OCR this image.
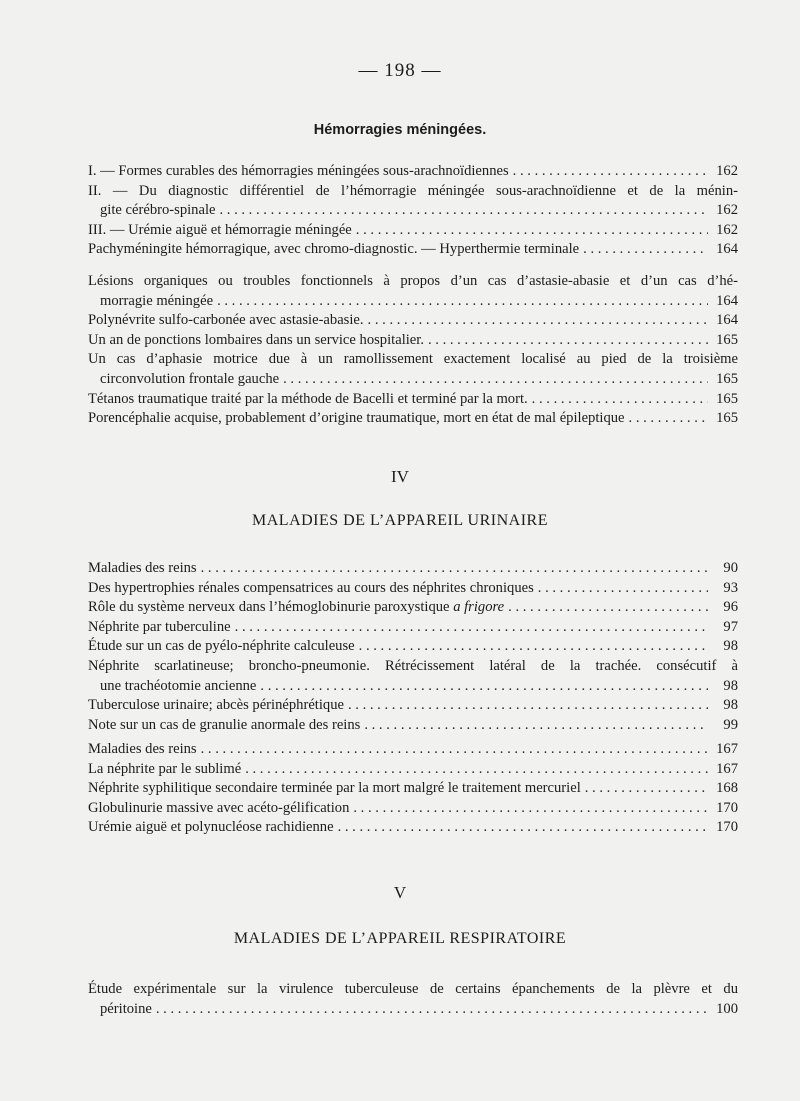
— 198 —
Hémorragies méningées.
I. — Formes curables des hémorragies méningées sous-arachnoïdiennes . . .	162
II. — Du diagnostic différentiel de l’hémorragie méningée sous-arachnoïdienne et de la ménin-
gite cérébro-spinale . . .	162
III. — Urémie aiguë et hémorragie méningée . . .	162
Pachyméningite hémorragique, avec chromo-diagnostic. — Hyperthermie terminale . . .	164
Lésions organiques ou troubles fonctionnels à propos d’un cas d’astasie-abasie et d’un cas d’hé-
morragie méningée . . .	164
Polynévrite sulfo-carbonée avec astasie-abasie. . . .	164
Un an de ponctions lombaires dans un service hospitalier. . . .	165
Un cas d’aphasie motrice due à un ramollissement exactement localisé au pied de la troisième
circonvolution frontale gauche . . .	165
Tétanos traumatique traité par la méthode de Bacelli et terminé par la mort. . . .	165
Porencéphalie acquise, probablement d’origine traumatique, mort en état de mal épileptique . . .	165
IV
MALADIES DE L’APPAREIL URINAIRE
Maladies des reins . . .	90
Des hypertrophies rénales compensatrices au cours des néphrites chroniques . . .	93
Rôle du système nerveux dans l’hémoglobinurie paroxystique
a frigore . . .	96
Néphrite par tuberculine . . .	97
Étude sur un cas de pyélo-néphrite calculeuse . . .	98
Néphrite scarlatineuse; broncho-pneumonie. Rétrécissement latéral de la trachée. consécutif à
une trachéotomie ancienne . . .	98
Tuberculose urinaire; abcès périnéphrétique . . .	98
Note sur un cas de granulie anormale des reins . . .	99
Maladies des reins . . .	167
La néphrite par le sublimé . . .	167
Néphrite syphilitique secondaire terminée par la mort malgré le traitement mercuriel . . .	168
Globulinurie massive avec acéto-gélification . . .	170
Urémie aiguë et polynucléose rachidienne . . .	170
V
MALADIES DE L’APPAREIL RESPIRATOIRE
Étude expérimentale sur la virulence tuberculeuse de certains épanchements de la plèvre et du
péritoine . . .	100
